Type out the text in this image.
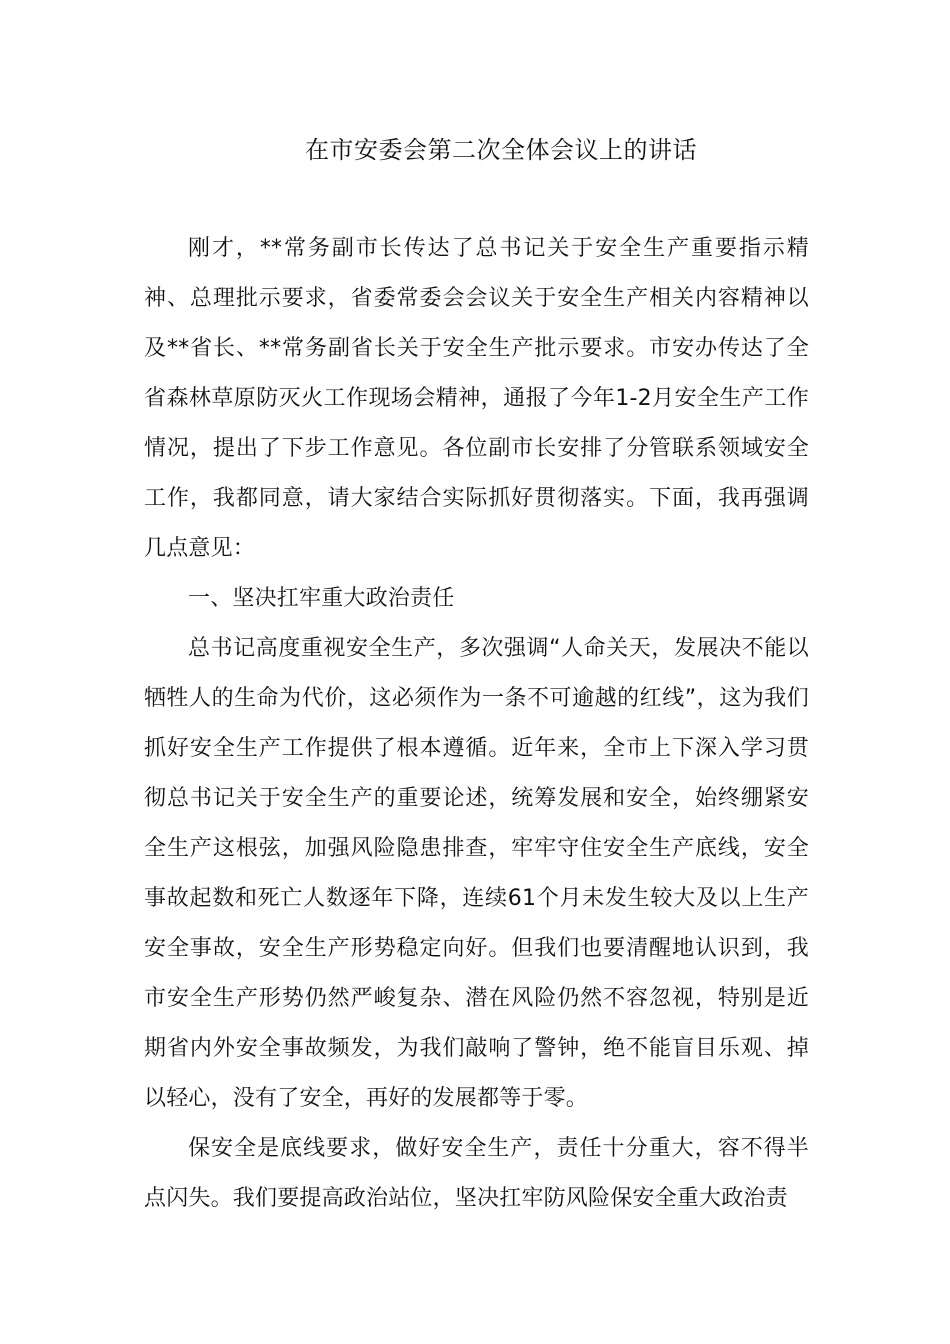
在市安委会第二次全体会议上的讲话

刚才，**常务副市长传达了总书记关于安全生产重要指示精神、总理批示要求，省委常委会会议关于安全生产相关内容精神以及**省长、**常务副省长关于安全生产批示要求。市安办传达了全省森林草原防灭火工作现场会精神，通报了今年1-2月安全生产工作情况，提出了下步工作意见。各位副市长安排了分管联系领域安全工作，我都同意，请大家结合实际抓好贯彻落实。下面，我再强调几点意见：

一、坚决扛牢重大政治责任

总书记高度重视安全生产，多次强调“人命关天，发展决不能以牺牲人的生命为代价，这必须作为一条不可逾越的红线”，这为我们抓好安全生产工作提供了根本遵循。近年来，全市上下深入学习贯彻总书记关于安全生产的重要论述，统筹发展和安全，始终绷紧安全生产这根弦，加强风险隐患排查，牢牢守住安全生产底线，安全事故起数和死亡人数逐年下降，连续61个月未发生较大及以上生产安全事故，安全生产形势稳定向好。但我们也要清醒地认识到，我市安全生产形势仍然严峻复杂、潜在风险仍然不容忽视，特别是近期省内外安全事故频发，为我们敲响了警钟，绝不能盲目乐观、掉以轻心，没有了安全，再好的发展都等于零。

保安全是底线要求，做好安全生产，责任十分重大，容不得半点闪失。我们要提高政治站位，坚决扛牢防风险保安全重大政治责
